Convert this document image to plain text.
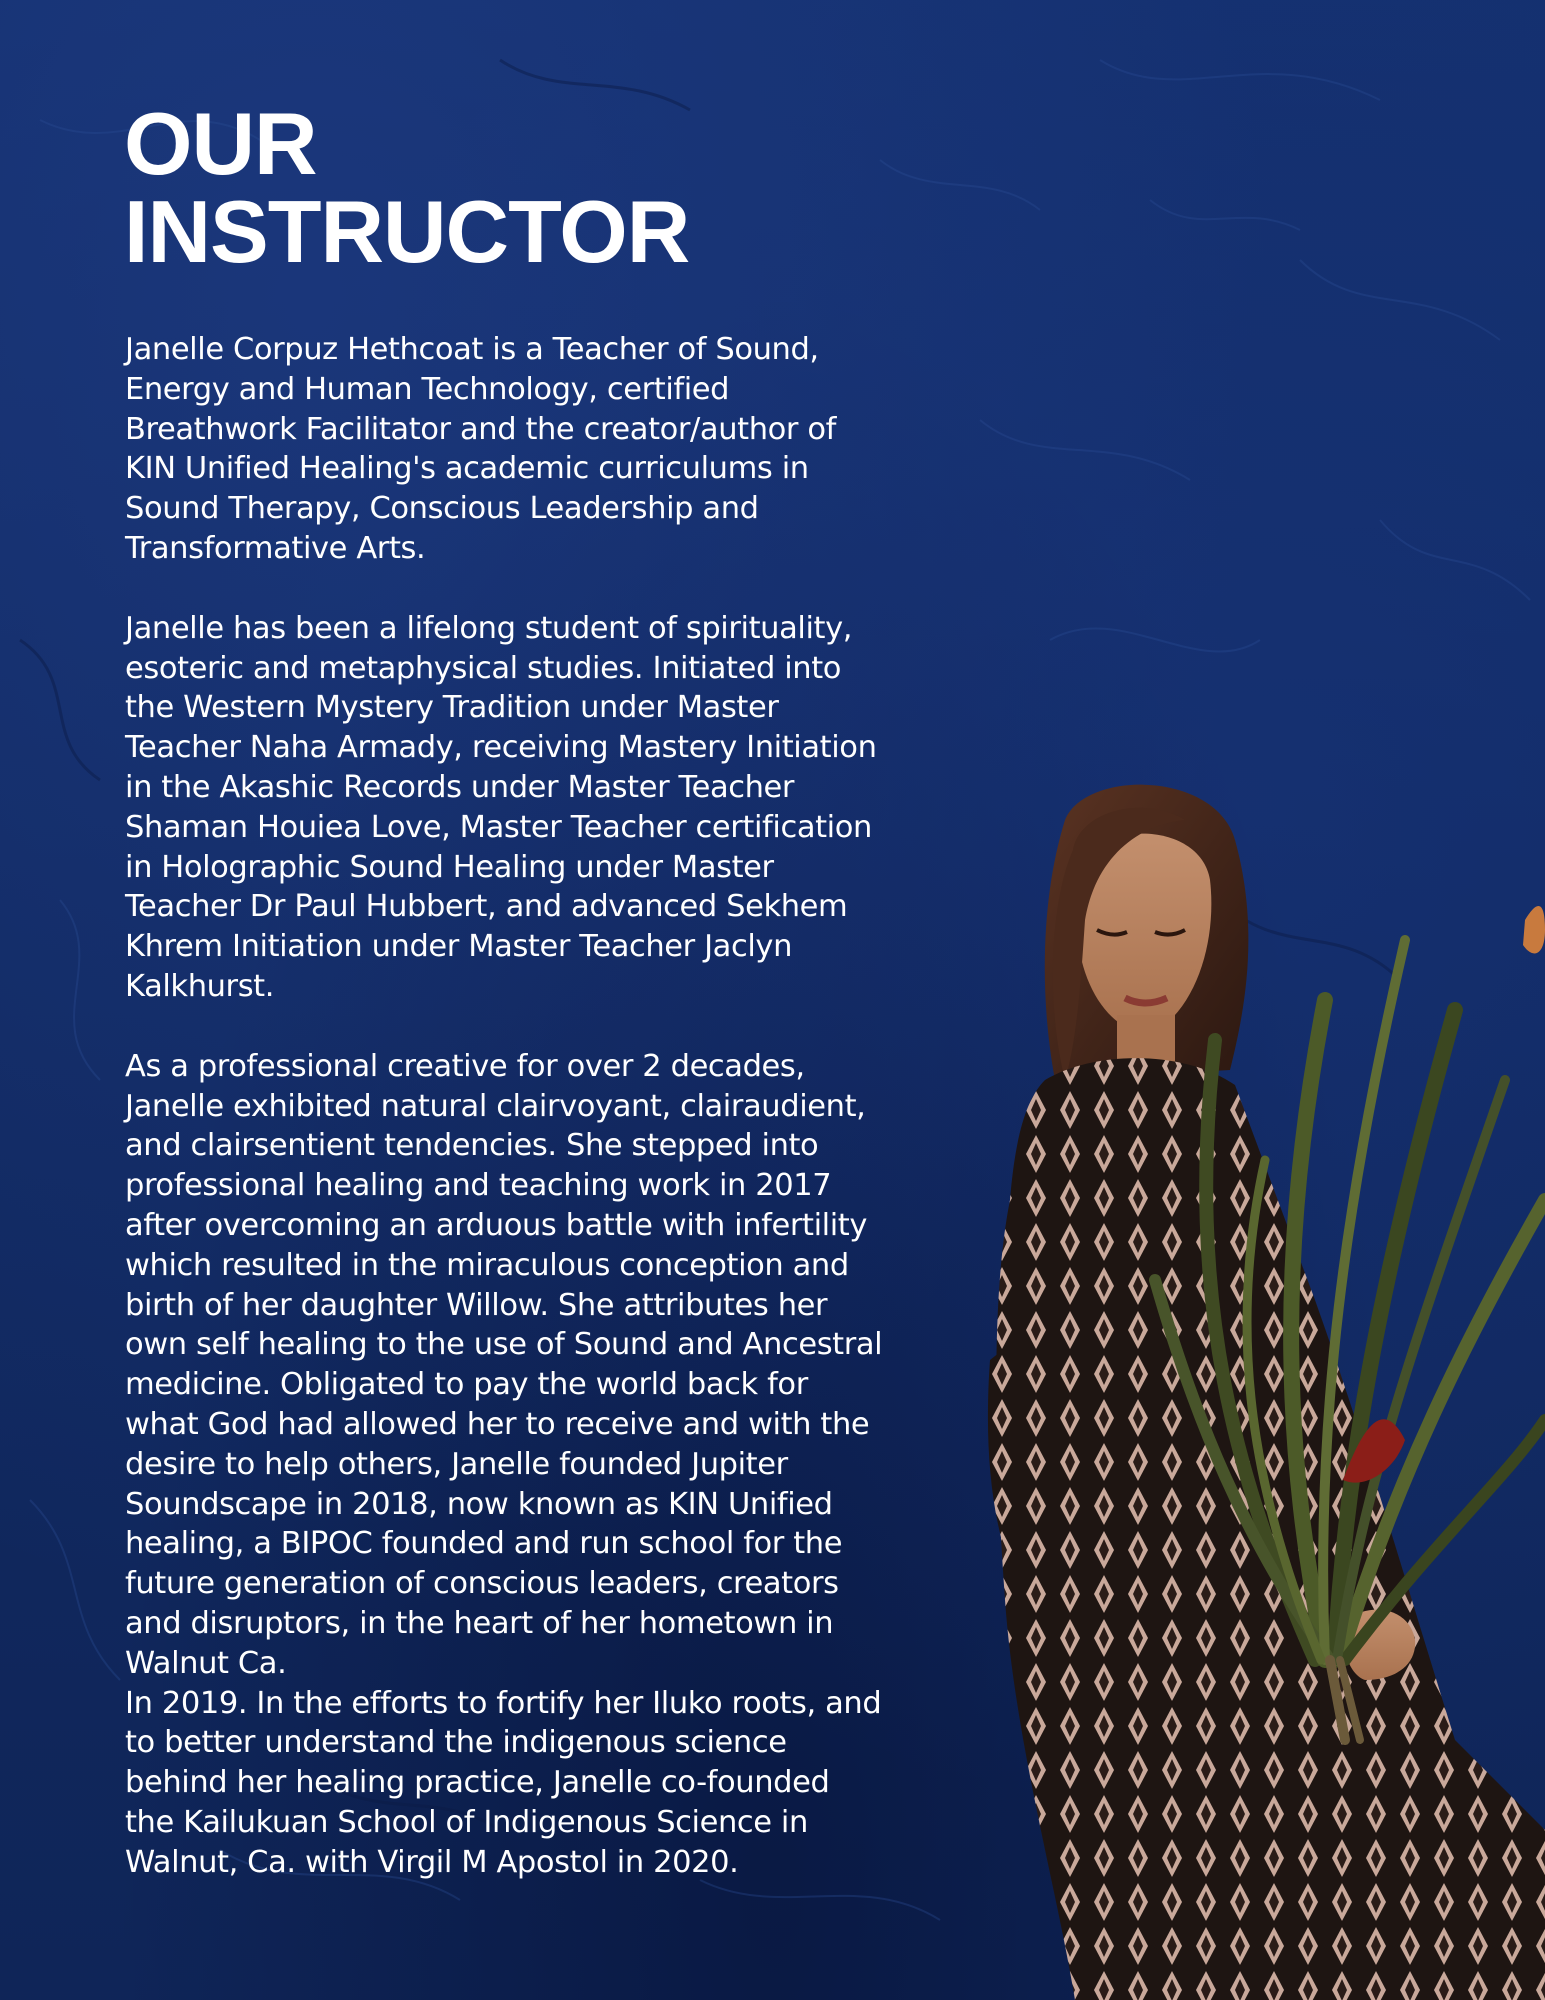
OUR
INSTRUCTOR

Janelle Corpuz Hethcoat is a Teacher of Sound,
Energy and Human Technology, certified
Breathwork Facilitator and the creator/author of
KIN Unified Healing's academic curriculums in
Sound Therapy, Conscious Leadership and
Transformative Arts.

Janelle has been a lifelong student of spirituality,
esoteric and metaphysical studies. Initiated into
the Western Mystery Tradition under Master
Teacher Naha Armady, receiving Mastery Initiation
in the Akashic Records under Master Teacher
Shaman Houiea Love, Master Teacher certification
in Holographic Sound Healing under Master
Teacher Dr Paul Hubbert, and advanced Sekhem
Khrem Initiation under Master Teacher Jaclyn
Kalkhurst.

As a professional creative for over 2 decades,
Janelle exhibited natural clairvoyant, clairaudient,
and clairsentient tendencies. She stepped into
professional healing and teaching work in 2017
after overcoming an arduous battle with infertility
which resulted in the miraculous conception and
birth of her daughter Willow. She attributes her
own self healing to the use of Sound and Ancestral
medicine. Obligated to pay the world back for
what God had allowed her to receive and with the
desire to help others, Janelle founded Jupiter
Soundscape in 2018, now known as KIN Unified
healing, a BIPOC founded and run school for the
future generation of conscious leaders, creators
and disruptors, in the heart of her hometown in
Walnut Ca.

In 2019. In the efforts to fortify her Iluko roots, and
to better understand the indigenous science
behind her healing practice, Janelle co-founded
the Kailukuan School of Indigenous Science in
Walnut, Ca. with Virgil M Apostol in 2020.
